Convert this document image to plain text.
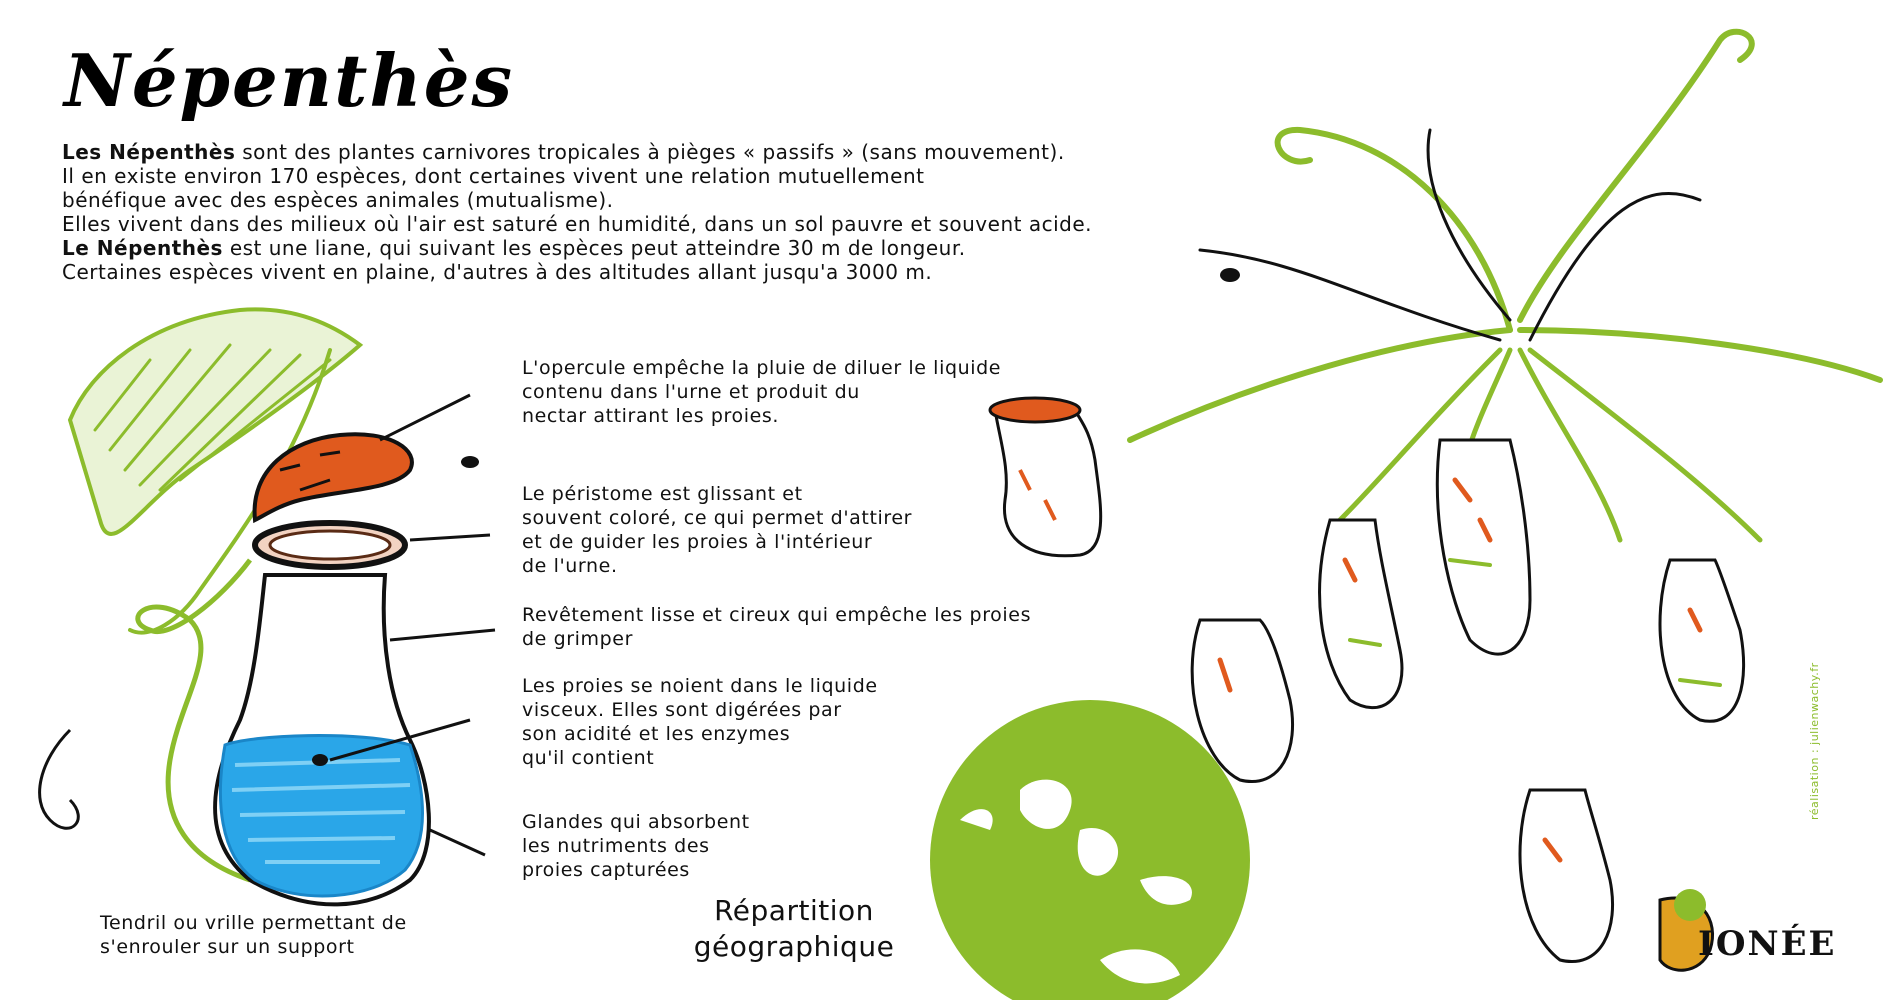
Népenthès

Les Népenthès sont des plantes carnivores tropicales à pièges « passifs » (sans mouvement).

Il en existe environ 170 espèces, dont certaines vivent une relation mutuellement

bénéfique avec des espèces animales (mutualisme).

Elles vivent dans des milieux où l'air est saturé en humidité, dans un sol pauvre et souvent acide.

Le Népenthès est une liane, qui suivant les espèces peut atteindre 30 m de longeur.

Certaines espèces vivent en plaine, d'autres à des altitudes allant jusqu'a 3000 m.

L'opercule empêche la pluie de diluer le liquide
contenu dans l'urne et produit du
nectar attirant les proies.
Le péristome est glissant et
souvent coloré, ce qui permet d'attirer
et de guider les proies à l'intérieur
de l'urne.
Revêtement lisse et cireux qui empêche les proies
de grimper
Les proies se noient dans le liquide
visceux. Elles sont digérées par
son acidité et les enzymes
qu'il contient
Glandes qui absorbent
les nutriments des
proies capturées
Tendril ou vrille permettant de
s'enrouler sur un support
Répartition
géographique
réalisation : julienwachy.fr
IONÉE
